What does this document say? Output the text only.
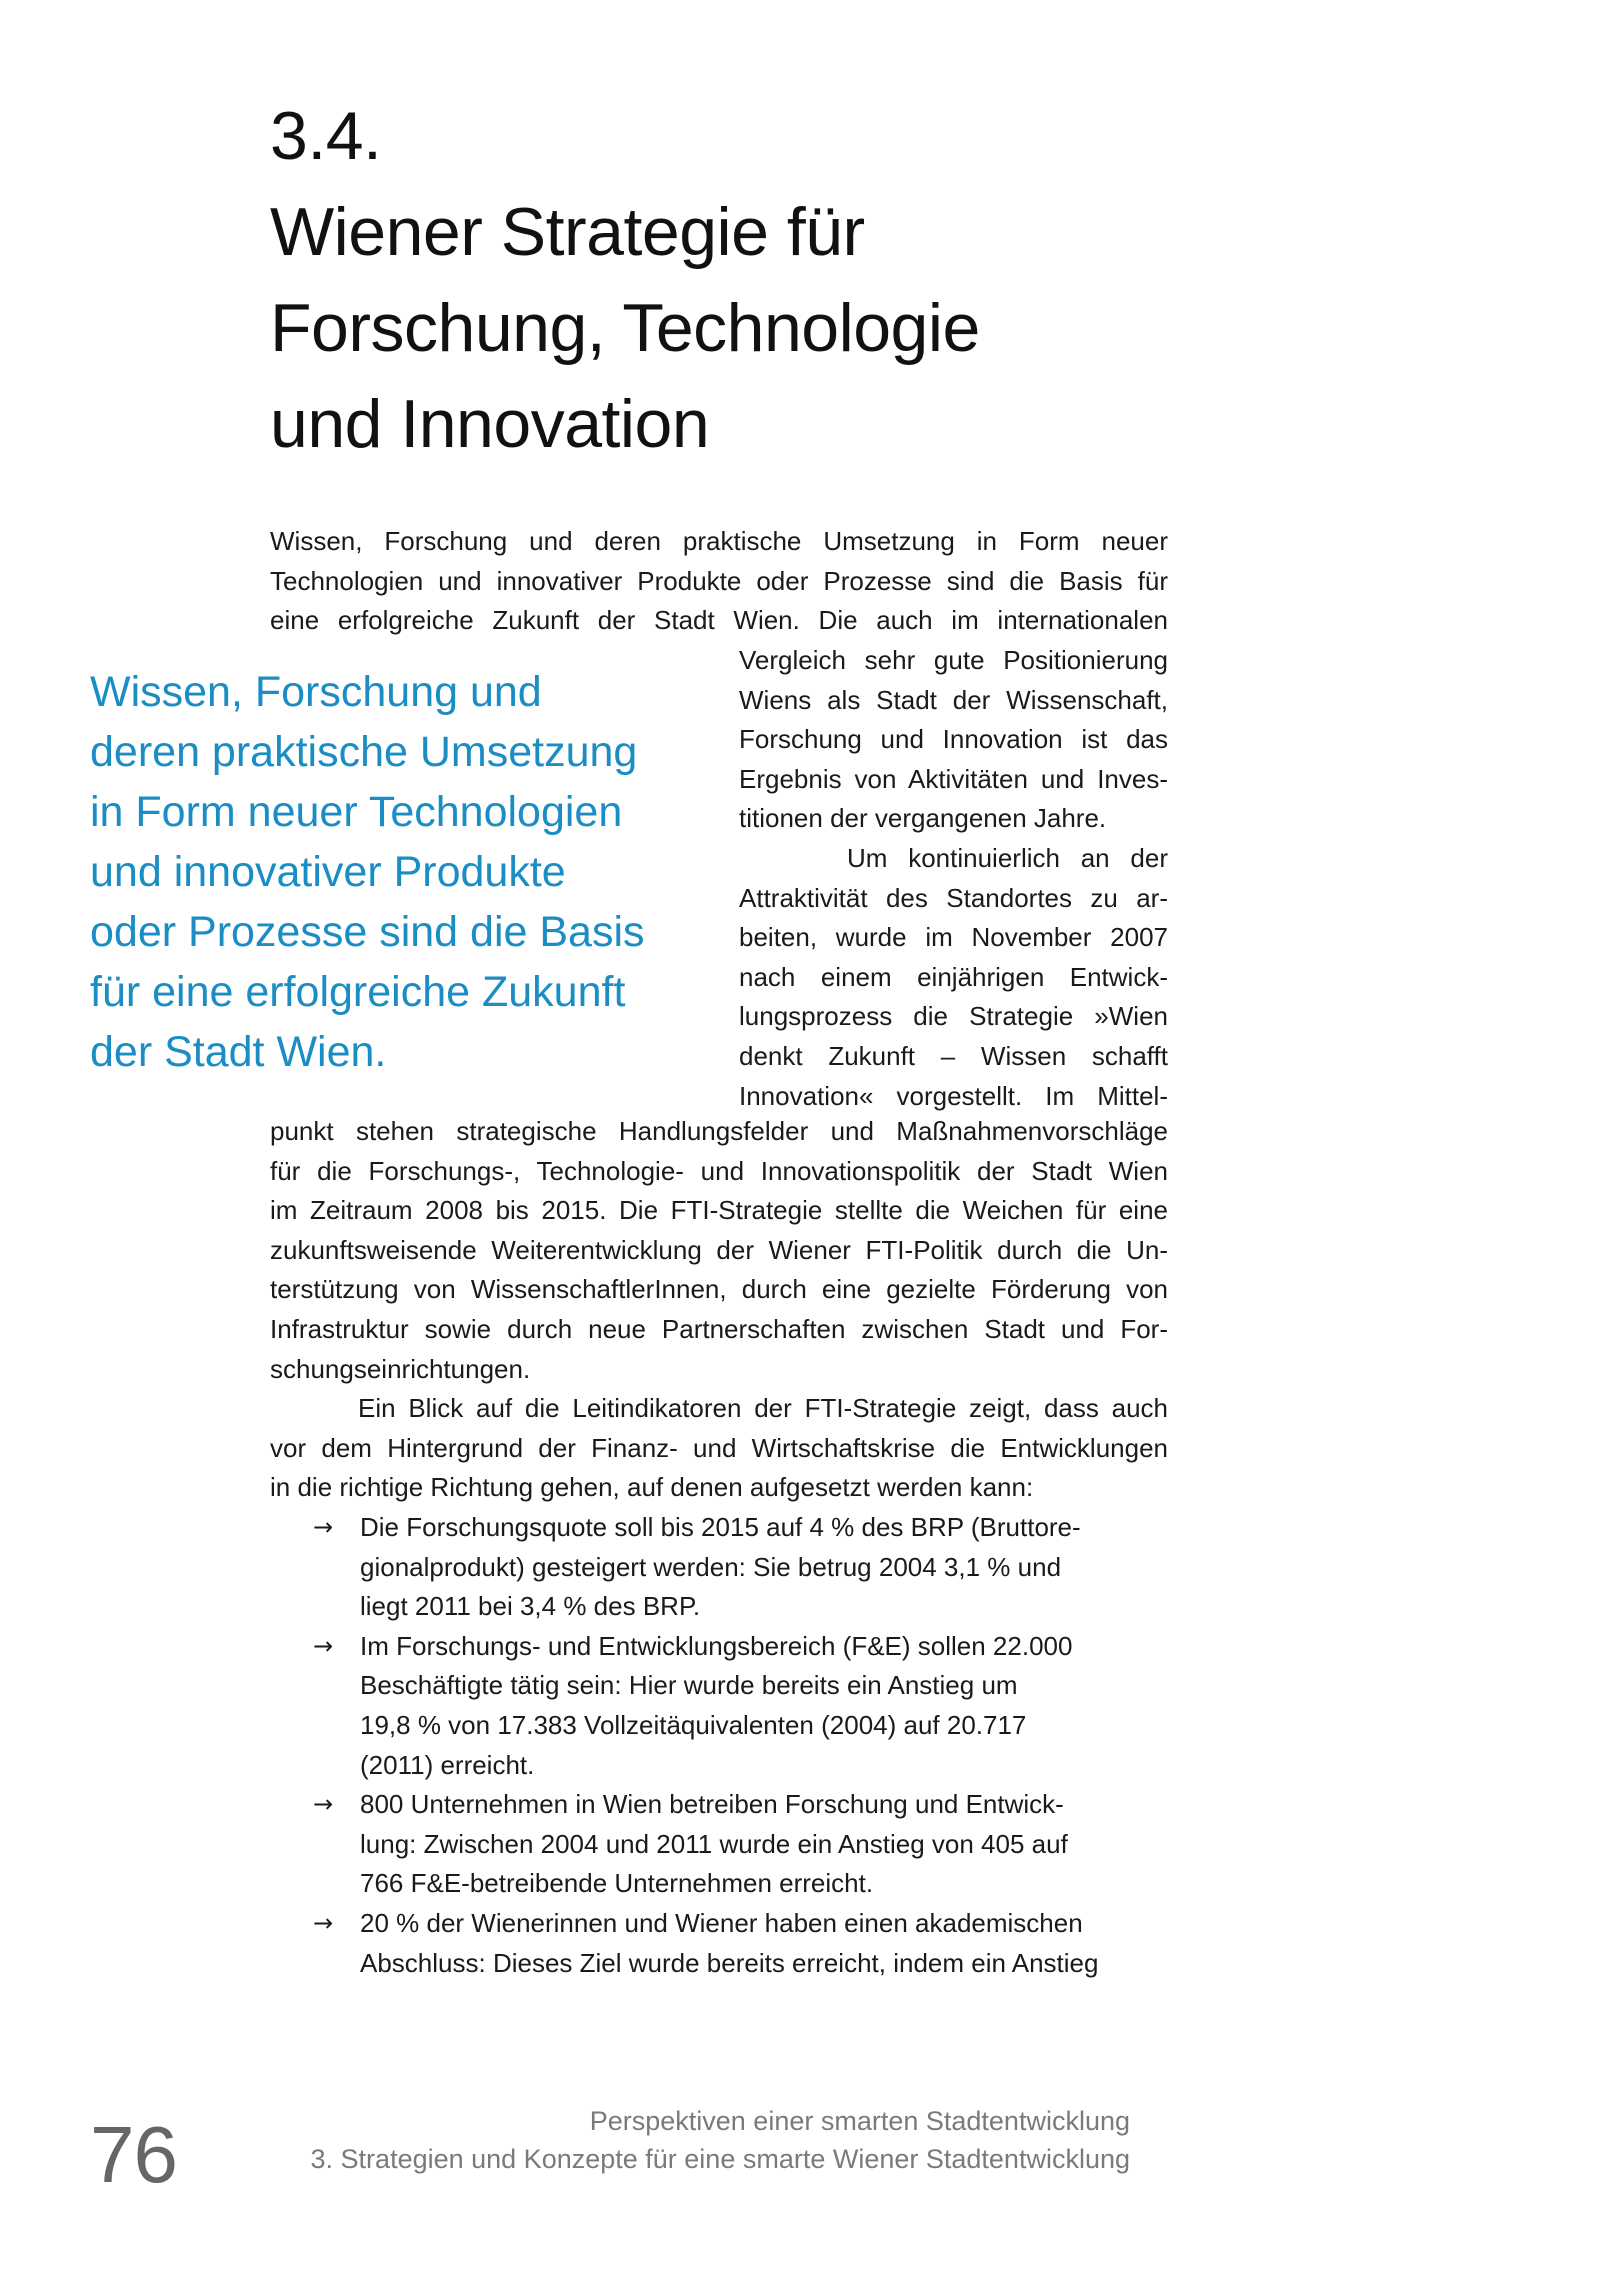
3.4.
Wiener Strategie für
Forschung, Technologie
und Innovation
Wissen, Forschung und deren praktische Umsetzung in Form neuer
Technologien und innovativer Produkte oder Prozesse sind die Basis für
eine erfolgreiche Zukunft der Stadt Wien. Die auch im internationalen
Wissen, Forschung und
deren praktische Umsetzung
in Form neuer Technologien
und innovativer Produkte
oder Prozesse sind die Basis
für eine erfolgreiche Zukunft
der Stadt Wien.
Vergleich sehr gute Positionierung
Wiens als Stadt der Wissenschaft,
Forschung und Innovation ist das
Ergebnis von Aktivitäten und Inves-
titionen der vergangenen Jahre.
Um kontinuierlich an der
Attraktivität des Standortes zu ar-
beiten, wurde im November 2007
nach einem einjährigen Entwick-
lungsprozess die Strategie »Wien
denkt Zukunft – Wissen schafft
Innovation« vorgestellt. Im Mittel-
punkt stehen strategische Handlungsfelder und Maßnahmenvorschläge
für die Forschungs-, Technologie- und Innovationspolitik der Stadt Wien
im Zeitraum 2008 bis 2015. Die FTI-Strategie stellte die Weichen für eine
zukunftsweisende Weiterentwicklung der Wiener FTI-Politik durch die Un-
terstützung von WissenschaftlerInnen, durch eine gezielte Förderung von
Infrastruktur sowie durch neue Partnerschaften zwischen Stadt und For-
schungseinrichtungen.
Ein Blick auf die Leitindikatoren der FTI-Strategie zeigt, dass auch
vor dem Hintergrund der Finanz- und Wirtschaftskrise die Entwicklungen
in die richtige Richtung gehen, auf denen aufgesetzt werden kann:
→ Die Forschungsquote soll bis 2015 auf 4 % des BRP (Bruttore-
gionalprodukt) gesteigert werden: Sie betrug 2004 3,1 % und
liegt 2011 bei 3,4 % des BRP.
→ Im Forschungs- und Entwicklungsbereich (F&E) sollen 22.000
Beschäftigte tätig sein: Hier wurde bereits ein Anstieg um
19,8 % von 17.383 Vollzeitäquivalenten (2004) auf 20.717
(2011) erreicht.
→ 800 Unternehmen in Wien betreiben Forschung und Entwick-
lung: Zwischen 2004 und 2011 wurde ein Anstieg von 405 auf
766 F&E-betreibende Unternehmen erreicht.
→ 20 % der Wienerinnen und Wiener haben einen akademischen
Abschluss: Dieses Ziel wurde bereits erreicht, indem ein Anstieg
76	Perspektiven einer smarten Stadtentwicklung
3. Strategien und Konzepte für eine smarte Wiener Stadtentwicklung
